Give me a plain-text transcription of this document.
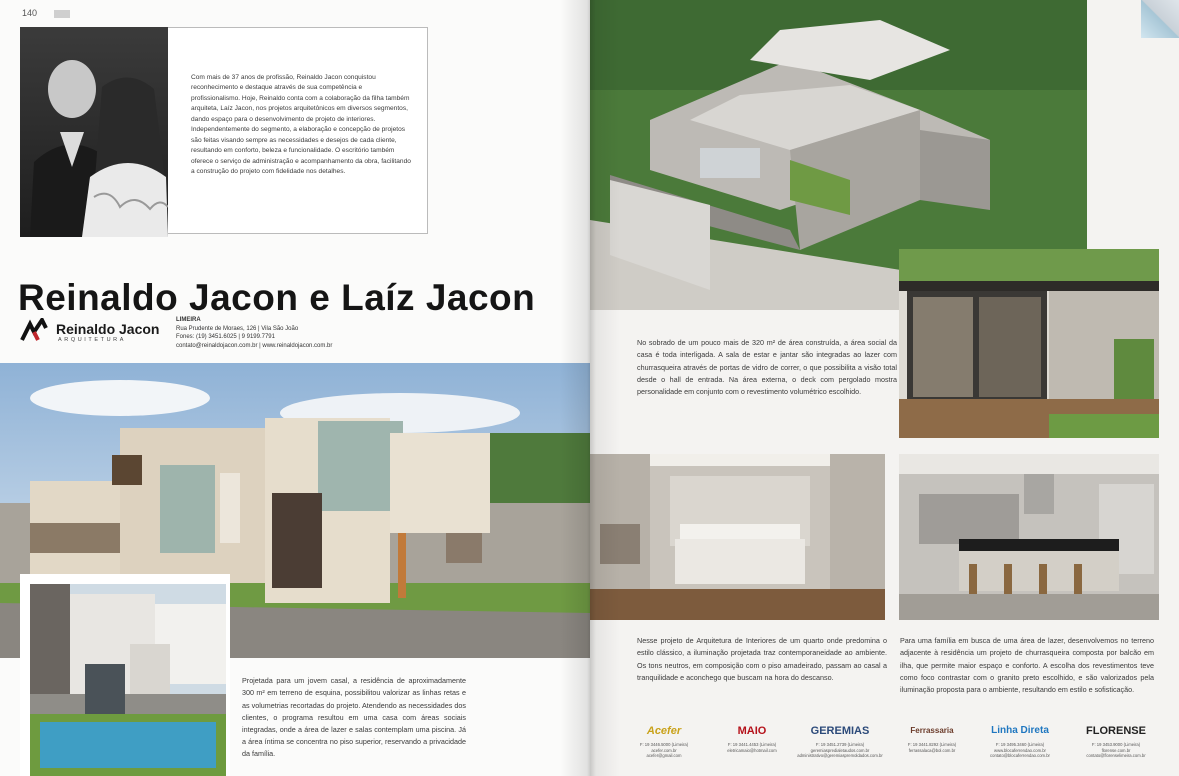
140

Com mais de 37 anos de profissão, Reinaldo Jacon conquistou reconhecimento e destaque através de sua competência e profissionalismo. Hoje, Reinaldo conta com a colaboração da filha também arquiteta, Laíz Jacon, nos projetos arquitetônicos em diversos segmentos, dando espaço para o desenvolvimento de projeto de interiores. Independentemente do segmento, a elaboração e concepção de projetos são feitas visando sempre as necessidades e desejos de cada cliente, resultando em conforto, beleza e funcionalidade. O escritório também oferece o serviço de administração e acompanhamento da obra, facilitando a construção do projeto com fidelidade nos detalhes.

Reinaldo Jacon e Laíz Jacon
Reinaldo Jacon
ARQUITETURA
LIMEIRA
Rua Prudente de Moraes, 126 | Vila São João
Fones: (19) 3451.6025 | 9 9199.7791
contato@reinaldojacon.com.br | www.reinaldojacon.com.br

Projetada para um jovem casal, a residência de aproximadamente 300 m² em terreno de esquina, possibilitou valorizar as linhas retas e as volumetrias recortadas do projeto. Atendendo as necessidades dos clientes, o programa resultou em uma casa com áreas sociais integradas, onde a área de lazer e salas contemplam uma piscina. Já a área íntima se concentra no piso superior, reservando a privacidade da família.

No sobrado de um pouco mais de 320 m² de área construída, a área social da casa é toda interligada. A sala de estar e jantar são integradas ao lazer com churrasqueira através de portas de vidro de correr, o que possibilita a visão total desde o hall de entrada. Na área externa, o deck com pergolado mostra personalidade em conjunto com o revestimento volumétrico escolhido.

Nesse projeto de Arquitetura de Interiores de um quarto onde predomina o estilo clássico, a iluminação projetada traz contemporaneidade ao ambiente. Os tons neutros, em composição com o piso amadeirado, passam ao casal a tranquilidade e aconchego que buscam na hora do descanso.

Para uma família em busca de uma área de lazer, desenvolvemos no terreno adjacente à residência um projeto de churrasqueira composta por balcão em ilha, que permite maior espaço e conforto. A escolha dos revestimentos teve como foco contrastar com o granito preto escolhido, e são valorizados pela iluminação proposta para o ambiente, resultando em estilo e sofisticação.

Acefer
F: 19 3446.5000 (Limeira)
acefer.com.br
acefer@gmail.com
MAIO
F: 19 3441.4453 (Limeira)
eletricamaio@hotmail.com
GEREMIAS
F: 19 3451.2739 (Limeira)
geremiaspredialetaudos.com.br
administrativo@geremiaspremoldados.com.br
Ferrassaria
F: 19 3441.8292 (Limeira)
ferrassalaca@bol.com.br
Linha Direta
F: 19 3495.3460 (Limeira)
www.blocaferrendao.com.br
contato@blocaferrendao.com.br
FLORENSE
F: 19 3453.9000 (Limeira)
florense.com.br
contato@florenselimeira.com.br
